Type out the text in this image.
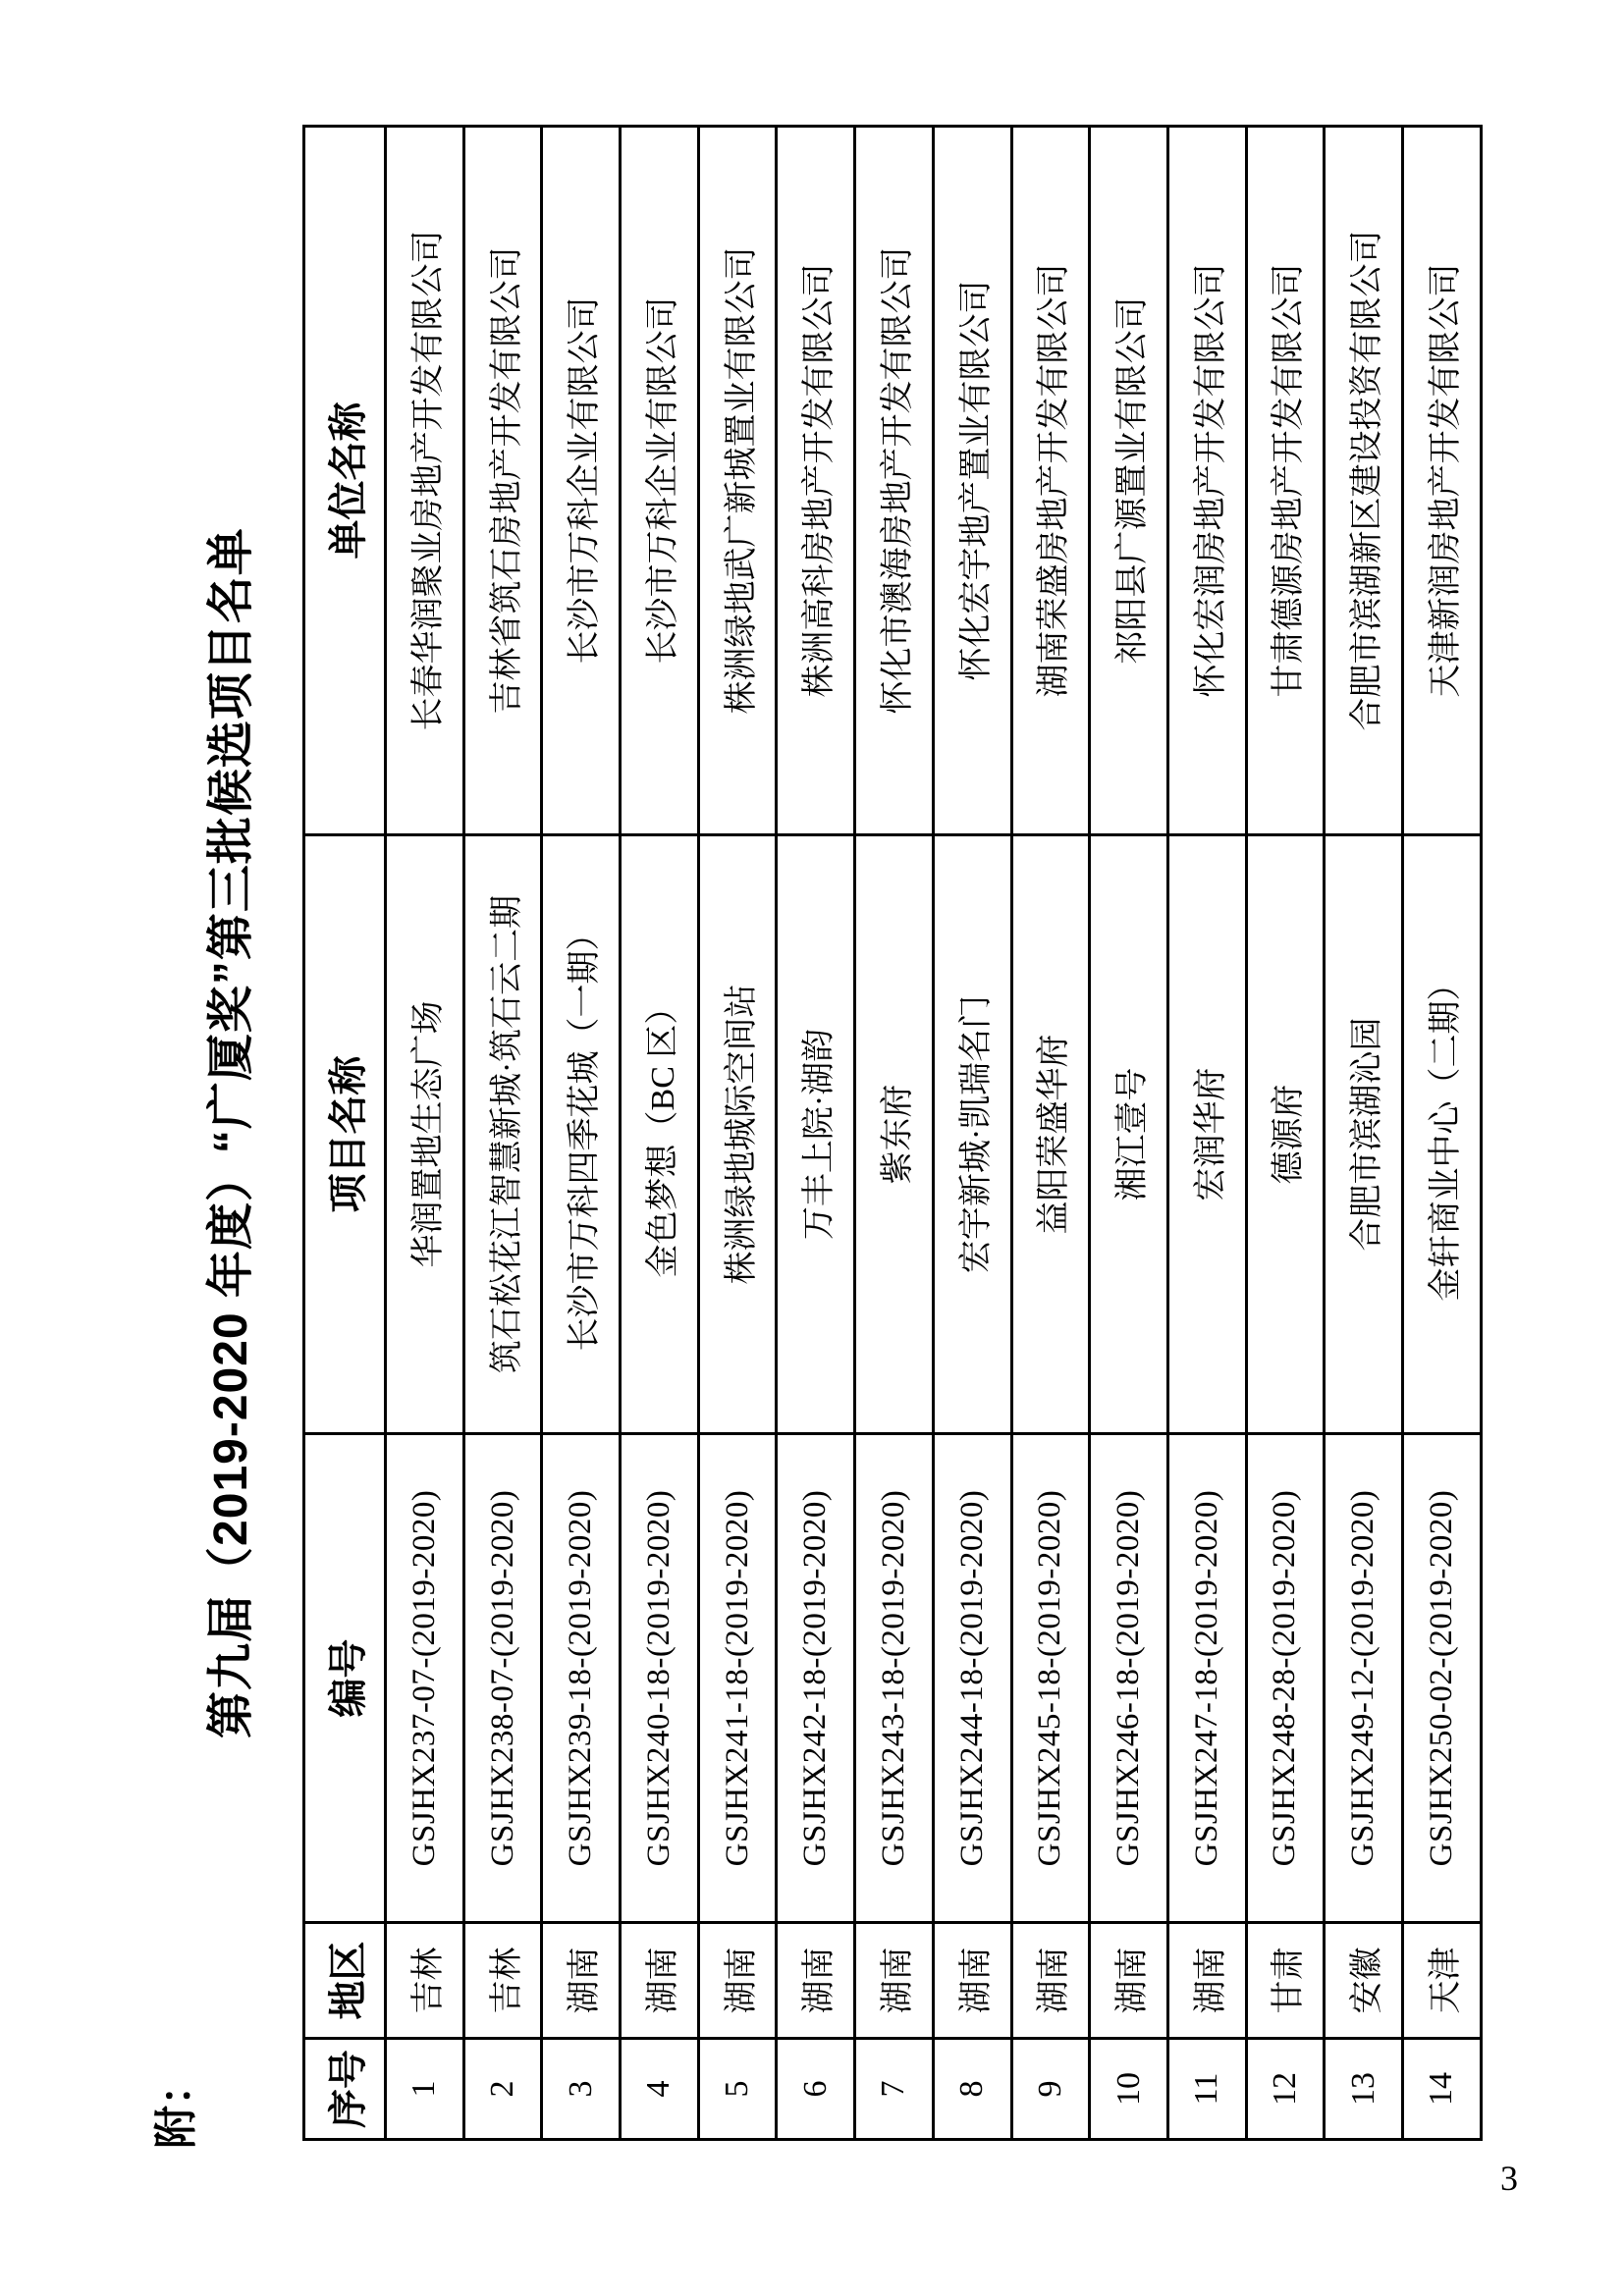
附：
第九届（2019-2020 年度）“广厦奖”第三批候选项目名单
序号
地区
编号
项目名称
单位名称
1
吉林
GSJHX237-07-(2019-2020)
华润置地生态广场
长春华润聚业房地产开发有限公司
2
吉林
GSJHX238-07-(2019-2020)
筑石松花江智慧新城·筑石云二期
吉林省筑石房地产开发有限公司
3
湖南
GSJHX239-18-(2019-2020)
长沙市万科四季花城（一期）
长沙市万科企业有限公司
4
湖南
GSJHX240-18-(2019-2020)
金色梦想（BC 区）
长沙市万科企业有限公司
5
湖南
GSJHX241-18-(2019-2020)
株洲绿地城际空间站
株洲绿地武广新城置业有限公司
6
湖南
GSJHX242-18-(2019-2020)
万丰上院·湖韵
株洲高科房地产开发有限公司
7
湖南
GSJHX243-18-(2019-2020)
紫东府
怀化市澳海房地产开发有限公司
8
湖南
GSJHX244-18-(2019-2020)
宏宇新城·凯瑞名门
怀化宏宇地产置业有限公司
9
湖南
GSJHX245-18-(2019-2020)
益阳荣盛华府
湖南荣盛房地产开发有限公司
10
湖南
GSJHX246-18-(2019-2020)
湘江壹号
祁阳县广源置业有限公司
11
湖南
GSJHX247-18-(2019-2020)
宏润华府
怀化宏润房地产开发有限公司
12
甘肃
GSJHX248-28-(2019-2020)
德源府
甘肃德源房地产开发有限公司
13
安徽
GSJHX249-12-(2019-2020)
合肥市滨湖沁园
合肥市滨湖新区建设投资有限公司
14
天津
GSJHX250-02-(2019-2020)
金轩商业中心（二期）
天津新润房地产开发有限公司
3
